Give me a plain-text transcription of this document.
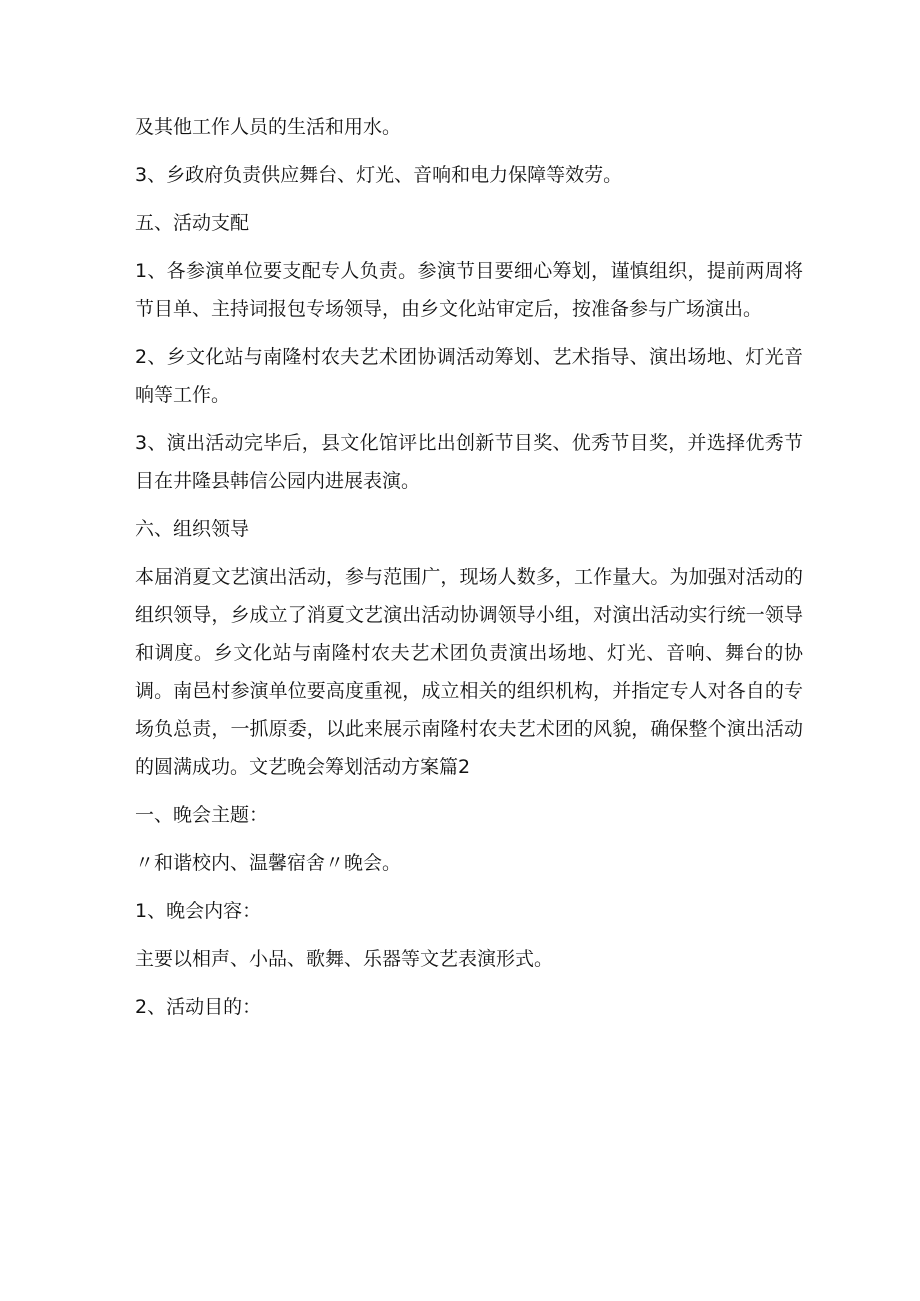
及其他工作人员的生活和用水。

3、乡政府负责供应舞台、灯光、音响和电力保障等效劳。

五、活动支配

1、各参演单位要支配专人负责。参演节目要细心筹划，谨慎组织，提前两周将节目单、主持词报包专场领导，由乡文化站审定后，按准备参与广场演出。

2、乡文化站与南隆村农夫艺术团协调活动筹划、艺术指导、演出场地、灯光音响等工作。

3、演出活动完毕后，县文化馆评比出创新节目奖、优秀节目奖，并选择优秀节目在井隆县韩信公园内进展表演。

六、组织领导

本届消夏文艺演出活动，参与范围广，现场人数多，工作量大。为加强对活动的组织领导，乡成立了消夏文艺演出活动协调领导小组，对演出活动实行统一领导和调度。乡文化站与南隆村农夫艺术团负责演出场地、灯光、音响、舞台的协调。南邑村参演单位要高度重视，成立相关的组织机构，并指定专人对各自的专场负总责，一抓原委，以此来展示南隆村农夫艺术团的风貌，确保整个演出活动的圆满成功。文艺晚会筹划活动方案篇2

一、晚会主题：

〃和谐校内、温馨宿舍〃晚会。

1、晚会内容：

主要以相声、小品、歌舞、乐器等文艺表演形式。

2、活动目的：
